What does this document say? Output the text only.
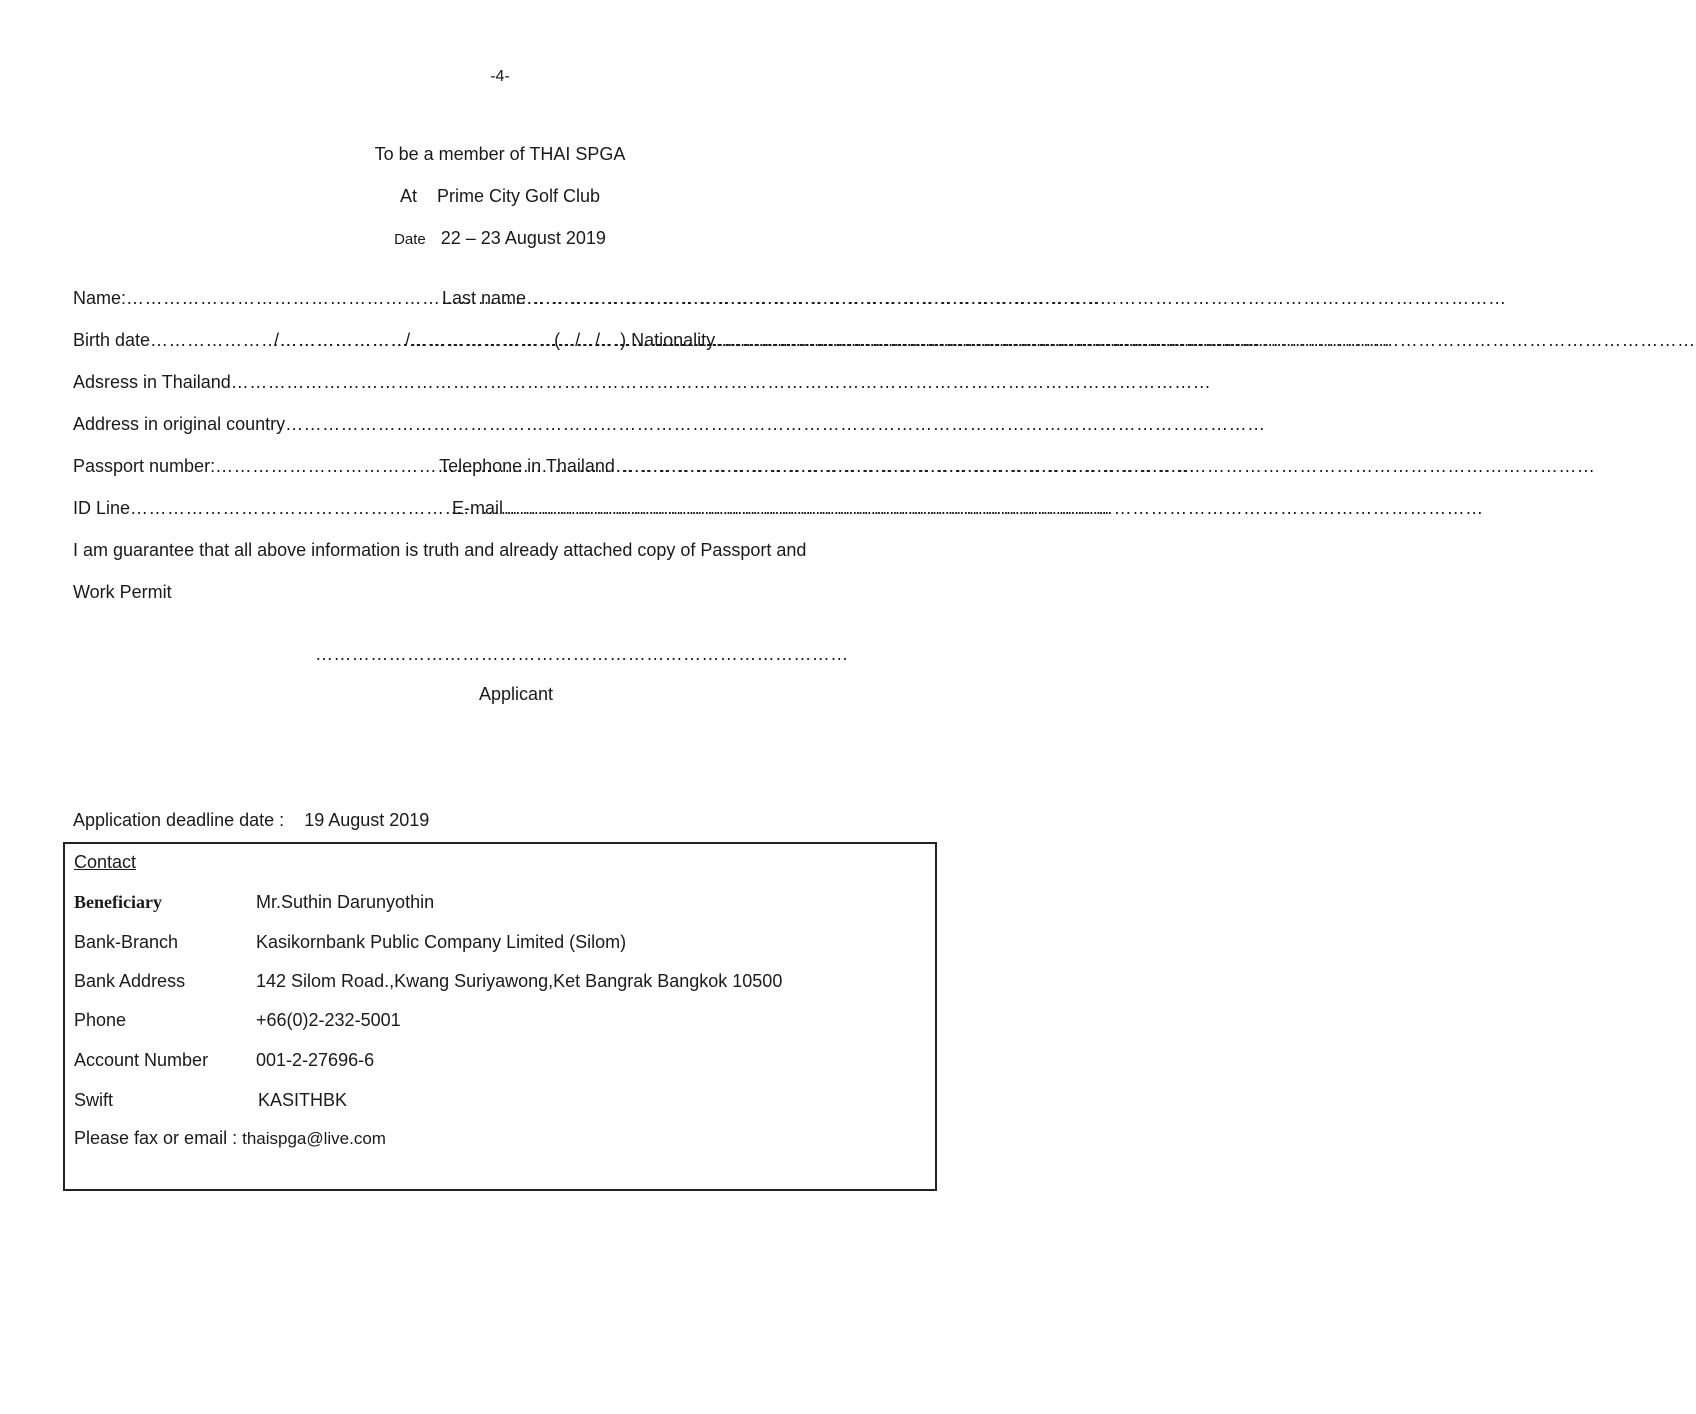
-4-
To be a member of THAI SPGA
At Prime City Golf Club
Date 22 – 23 August 2019
Name: ……………………………………………………………………………………………………………………………………………	Last name……………………………………………………………………………………………………………………………………………
Birth date ……………………………………………………………………………………………………………………………………………	/ ……………………………………………………………………………………………………………………………………………	/ ……………………………………………………………………………………………………………………………………………	(   /   /    ) Nationality……………………………………………………………………………………………………………………………………………
Adsress in Thailand……………………………………………………………………………………………………………………………………………
Address in original country……………………………………………………………………………………………………………………………………………
Passport number: ……………………………………………………………………………………………………………………………………………	Telephone in Thailand……………………………………………………………………………………………………………………………………………
ID Line ……………………………………………………………………………………………………………………………………………	E-mail……………………………………………………………………………………………………………………………………………
I am guarantee that all above information is truth and already attached copy of Passport and
Work Permit
……………………………………………………………………………
Applicant
Application deadline date : 19 August 2019
Contact
Beneficiary	Mr.Suthin Darunyothin
Bank-Branch	Kasikornbank Public Company Limited (Silom)
Bank Address	142 Silom Road.,Kwang Suriyawong,Ket Bangrak Bangkok 10500
Phone	+66(0)2-232-5001
Account Number	001-2-27696-6
Swift	KASITHBK
Please fax or email : thaispga@live.com
